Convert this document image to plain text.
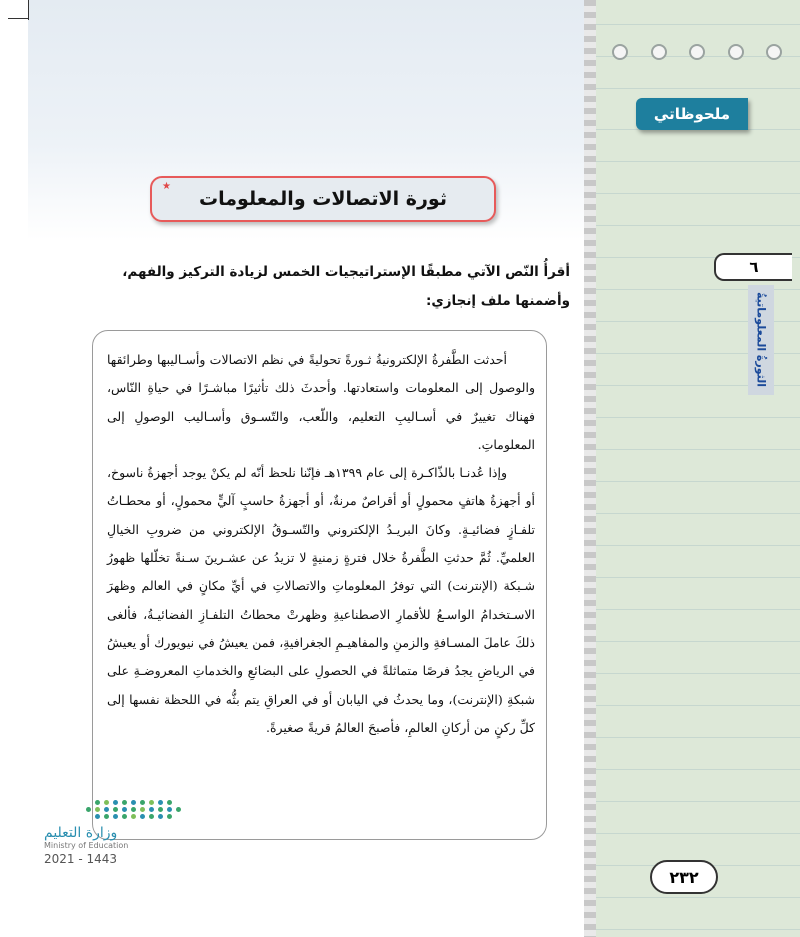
ملحوظاتي
٦
الثورةُ المعلوماتيةُ
ثورة الاتصالات والمعلومات
★
أقرأُ النّص الآتي مطبقًا الإستراتيجيات الخمس لزيادة التركيز والفهم، وأضمنها ملف إنجازي:

أحدثت الطَّفرةُ الإلكترونيةُ ثـورةً تحوليةً في نظم الاتصالات وأسـاليبها وطرائقها والوصول إلى المعلومات واستعادتها. وأحدثَ ذلك تأثيرًا مباشـرًا في حياةِ النّاس، فهناك تغييرٌ في أسـاليبِ التعليم، واللّعب، والتّسـوق وأسـاليب الوصولِ إلى المعلوماتِ.

وإذا عُدنـا بالذّاكـرة إلى عام ١٣٩٩هـ فإنّنا نلحظ أنّه لم يكنْ يوجد أجهزةُ ناسوخ، أو أجهزةُ هاتفٍ محمولٍ أو أقراصٌ مرنةٌ، أو أجهزةُ حاسبٍ آليٍّ محمولٍ، أو محطـاتُ تلفـازٍ فضائيـةٍ. وكانَ البريـدُ الإلكتروني والتّسـوقُ الإلكتروني من ضروبِ الخيالِ العلميِّ. ثُمَّ حدثتِ الطَّفرةُ خلال فترةٍ زمنيةٍ لا تزيدُ عن عشـرينَ سـنةً تخلّلها ظهورُ شـبكة (الإنترنت) التي توفرُ المعلوماتِ والاتصالاتِ في أيِّ مكانٍ في العالم وظهرَ الاسـتخدامُ الواسـعُ للأقمارِ الاصطناعيةِ وظهرتْ محطاتُ التلفـازِ الفضائيـةُ، فألغى ذلكَ عاملَ المسـافةِ والزمنِ والمفاهيـمِ الجغرافيةِ، فمن يعيشُ في نيويورك أو يعيشُ في الرياضِ يجدُ فرصًا متماثلةً في الحصولِ على البضائعِ والخدماتِ المعروضـةِ على شبكةِ (الإنترنت)، وما يحدثُ في اليابان أو في العراقِ يتم بثُّه في اللحظة نفسها إلى كلِّ ركنٍ من أركانِ العالمِ، فأصبحَ العالمُ قريةً صغيرةً.

وزارة التعليم
Ministry of Education
2021 - 1443
٢٣٢
